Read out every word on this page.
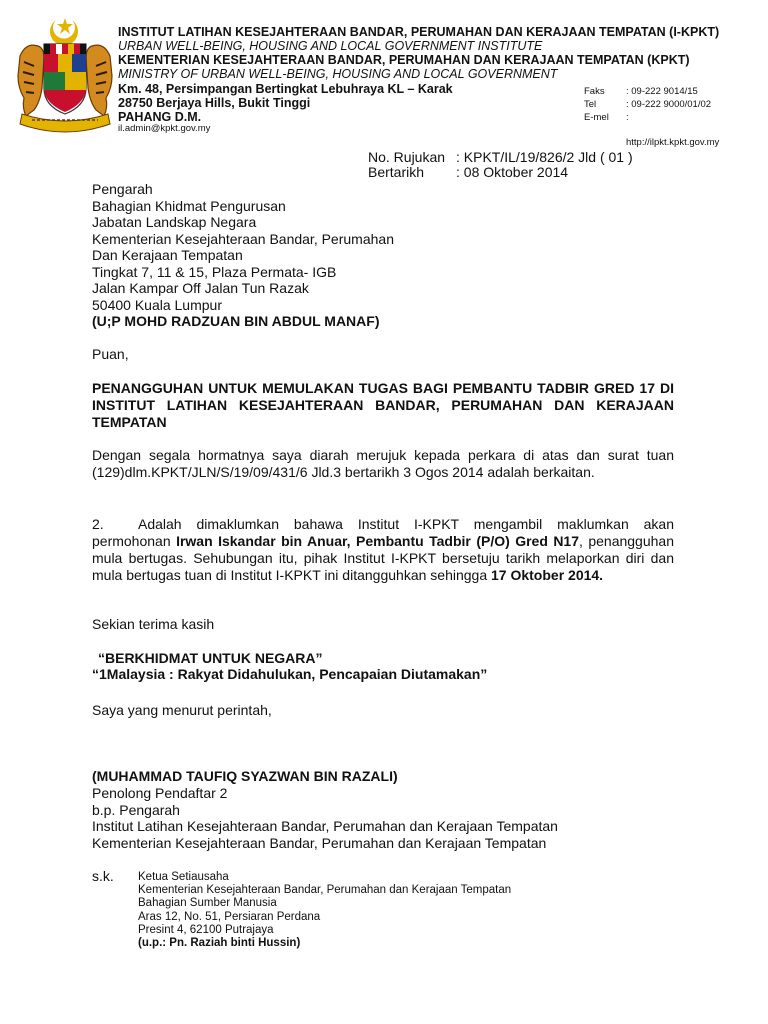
INSTITUT LATIHAN KESEJAHTERAAN BANDAR, PERUMAHAN DAN KERAJAAN TEMPATAN (I-KPKT)
URBAN WELL-BEING, HOUSING AND LOCAL GOVERNMENT INSTITUTE
KEMENTERIAN KESEJAHTERAAN BANDAR, PERUMAHAN DAN KERAJAAN TEMPATAN (KPKT)
MINISTRY OF URBAN WELL-BEING, HOUSING AND LOCAL GOVERNMENT
Km. 48, Persimpangan Bertingkat Lebuhraya KL – Karak
28750 Berjaya Hills, Bukit Tinggi
PAHANG D.M.
il.admin@kpkt.gov.my
Faks : 09-222 9014/15
Tel	: 09-222 9000/01/02
E-mel :
http://ilpkt.kpkt.gov.my
No. Rujukan : KPKT/IL/19/826/2 Jld ( 01 )
Bertarikh : 08 Oktober 2014
Pengarah
Bahagian Khidmat Pengurusan
Jabatan Landskap Negara
Kementerian Kesejahteraan Bandar, Perumahan
Dan Kerajaan Tempatan
Tingkat 7, 11 & 15, Plaza Permata- IGB
Jalan Kampar Off Jalan Tun Razak
50400 Kuala Lumpur
(U;P MOHD RADZUAN BIN ABDUL MANAF)
Puan,

PENANGGUHAN UNTUK MEMULAKAN TUGAS BAGI PEMBANTU TADBIR GRED 17 DI INSTITUT LATIHAN KESEJAHTERAAN BANDAR, PERUMAHAN DAN KERAJAAN TEMPATAN

Dengan segala hormatnya saya diarah merujuk kepada perkara di atas dan surat tuan (129)dlm.KPKT/JLN/S/19/09/431/6 Jld.3 bertarikh 3 Ogos 2014 adalah berkaitan.

2. Adalah dimaklumkan bahawa Institut I-KPKT mengambil maklumkan akan permohonan Irwan Iskandar bin Anuar, Pembantu Tadbir (P/O) Gred N17, penangguhan mula bertugas. Sehubungan itu, pihak Institut I-KPKT bersetuju tarikh melaporkan diri dan mula bertugas tuan di Institut I-KPKT ini ditangguhkan sehingga 17 Oktober 2014.

Sekian terima kasih
“BERKHIDMAT UNTUK NEGARA”
“1Malaysia : Rakyat Didahulukan, Pencapaian Diutamakan”
Saya yang menurut perintah,
(MUHAMMAD TAUFIQ SYAZWAN BIN RAZALI)
Penolong Pendaftar 2
b.p. Pengarah
Institut Latihan Kesejahteraan Bandar, Perumahan dan Kerajaan Tempatan
Kementerian Kesejahteraan Bandar, Perumahan dan Kerajaan Tempatan
s.k. Ketua Setiausaha
Kementerian Kesejahteraan Bandar, Perumahan dan Kerajaan Tempatan
Bahagian Sumber Manusia
Aras 12, No. 51, Persiaran Perdana
Presint 4, 62100 Putrajaya
(u.p.: Pn. Raziah binti Hussin)
